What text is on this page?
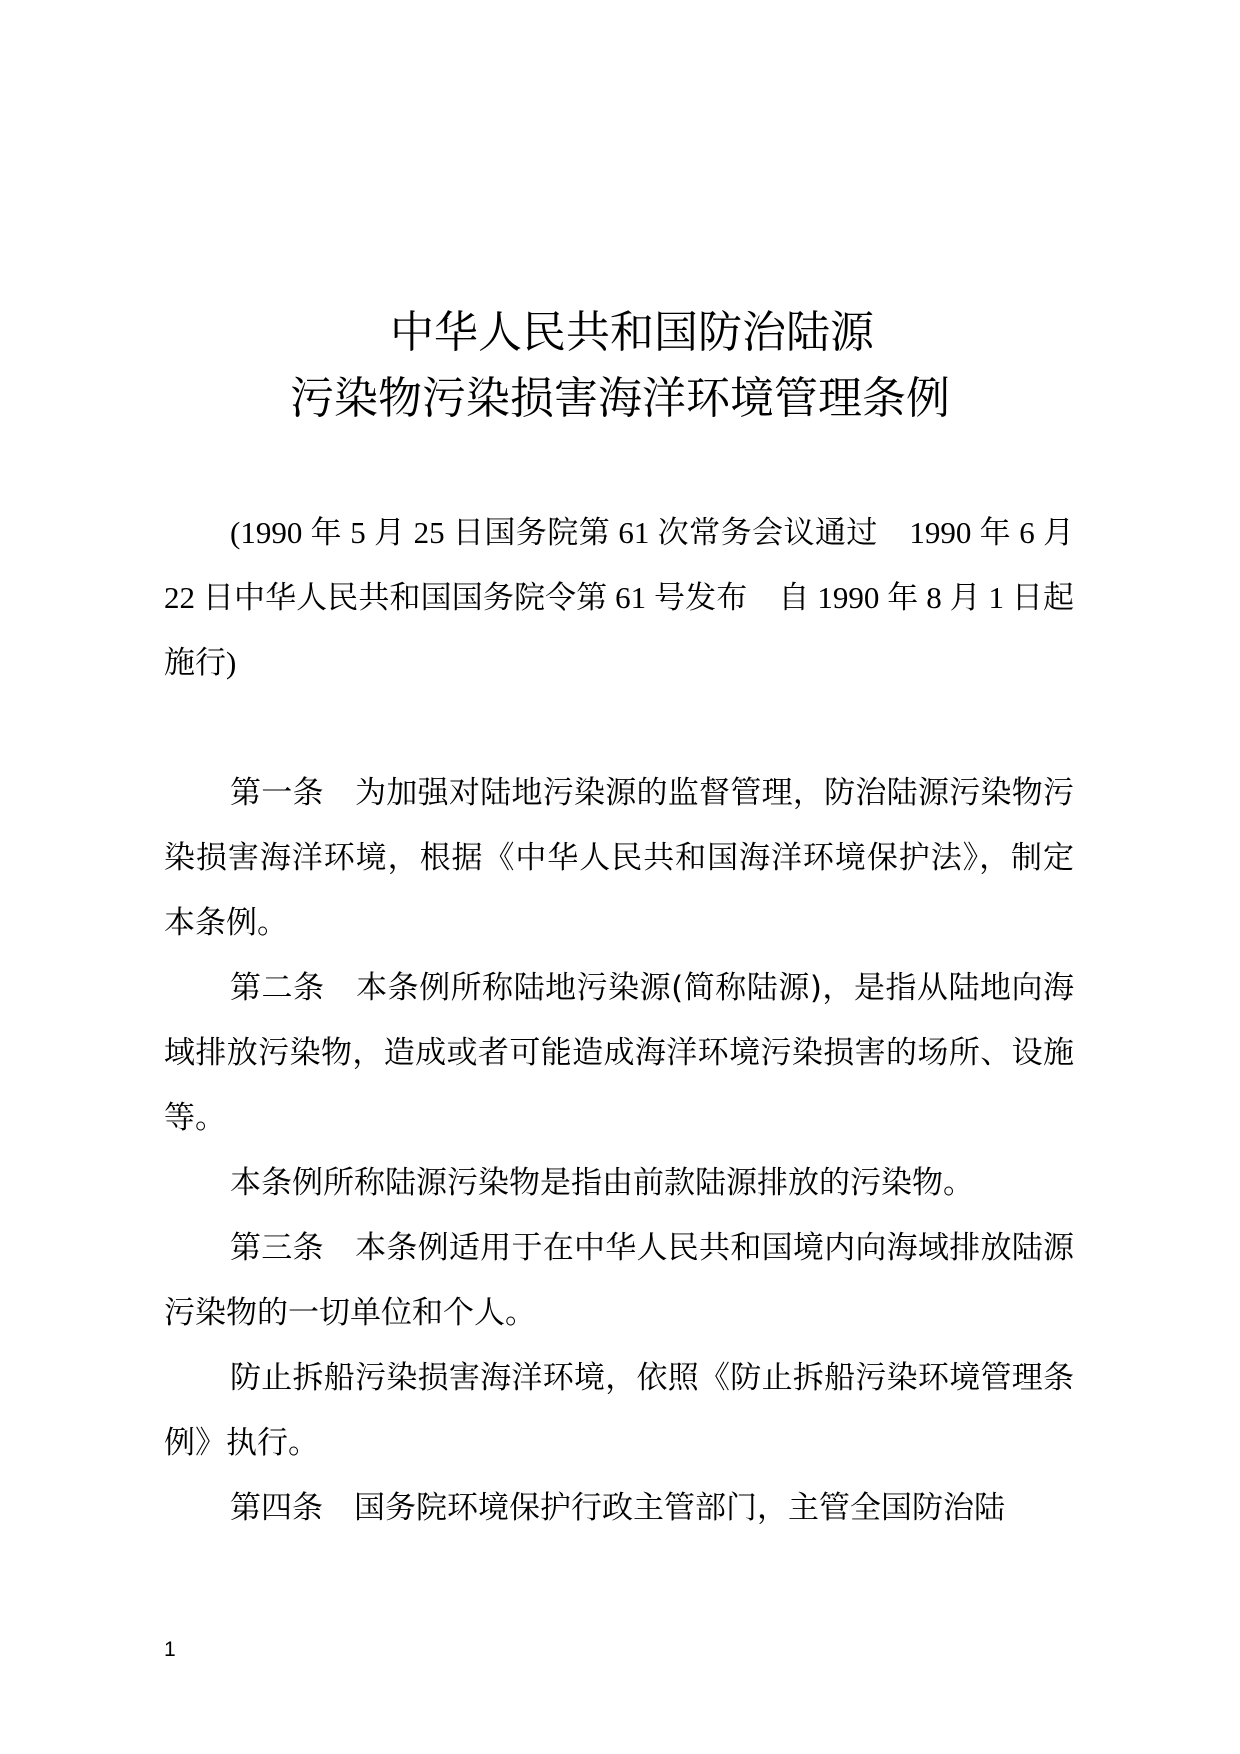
中华人民共和国防治陆源
污染物污染损害海洋环境管理条例

(1990 年 5 月 25 日国务院第 61 次常务会议通过　1990 年 6 月 22 日中华人民共和国国务院令第 61 号发布　自 1990 年 8 月 1 日起施行)

第一条　 为加强对陆地污染源的监督管理，防治陆源污染物污染损害海洋环境，根据《中华人民共和国海洋环境保护法》，制定本条例。

第二条　 本条例所称陆地污染源(简称陆源)，是指从陆地向海域排放污染物，造成或者可能造成海洋环境污染损害的场所、设施等。

本条例所称陆源污染物是指由前款陆源排放的污染物。

第三条　 本条例适用于在中华人民共和国境内向海域排放陆源污染物的一切单位和个人。

防止拆船污染损害海洋环境，依照《防止拆船污染环境管理条例》执行。

第四条　 国务院环境保护行政主管部门，主管全国防治陆

1
